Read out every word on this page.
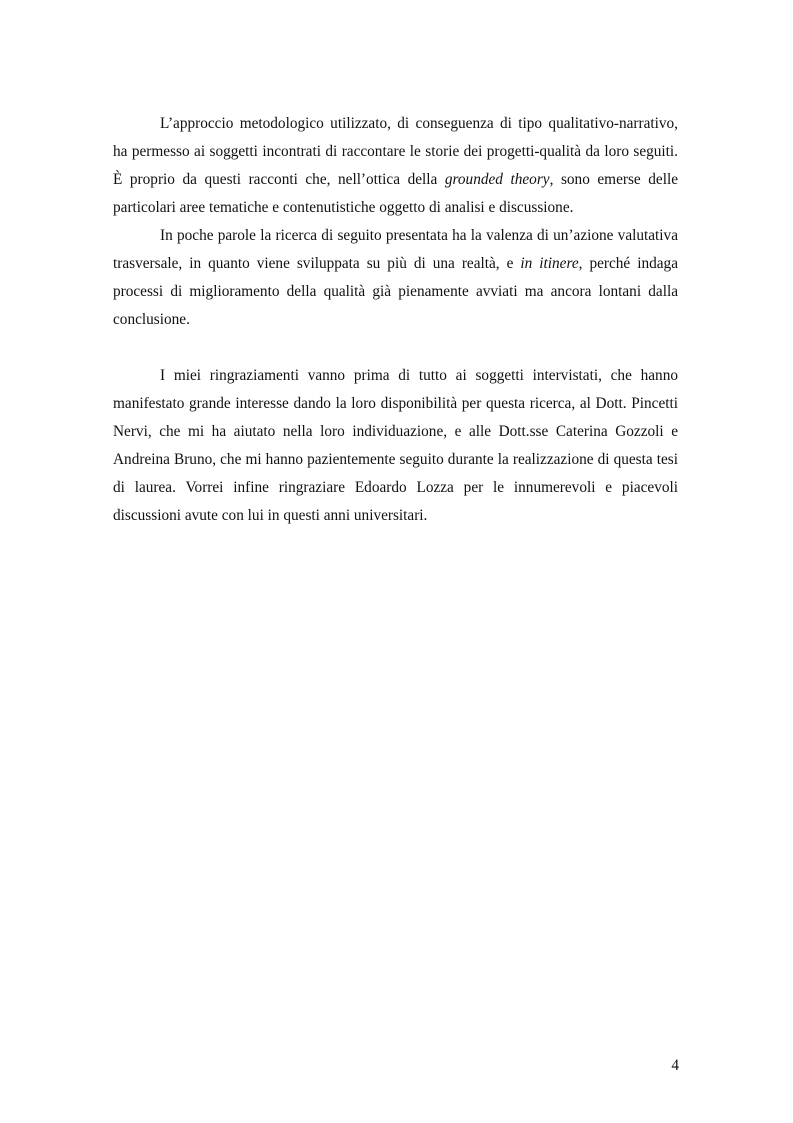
L’approccio metodologico utilizzato, di conseguenza di tipo qualitativo-narrativo, ha permesso ai soggetti incontrati di raccontare le storie dei progetti-qualità da loro seguiti. È proprio da questi racconti che, nell’ottica della grounded theory, sono emerse delle particolari aree tematiche e contenutistiche oggetto di analisi e discussione.

In poche parole la ricerca di seguito presentata ha la valenza di un’azione valutativa trasversale, in quanto viene sviluppata su più di una realtà, e in itinere, perché indaga processi di miglioramento della qualità già pienamente avviati ma ancora lontani dalla conclusione.

I miei ringraziamenti vanno prima di tutto ai soggetti intervistati, che hanno manifestato grande interesse dando la loro disponibilità per questa ricerca, al Dott. Pincetti Nervi, che mi ha aiutato nella loro individuazione, e alle Dott.sse Caterina Gozzoli e Andreina Bruno, che mi hanno pazientemente seguito durante la realizzazione di questa tesi di laurea. Vorrei infine ringraziare Edoardo Lozza per le innumerevoli e piacevoli discussioni avute con lui in questi anni universitari.

4
